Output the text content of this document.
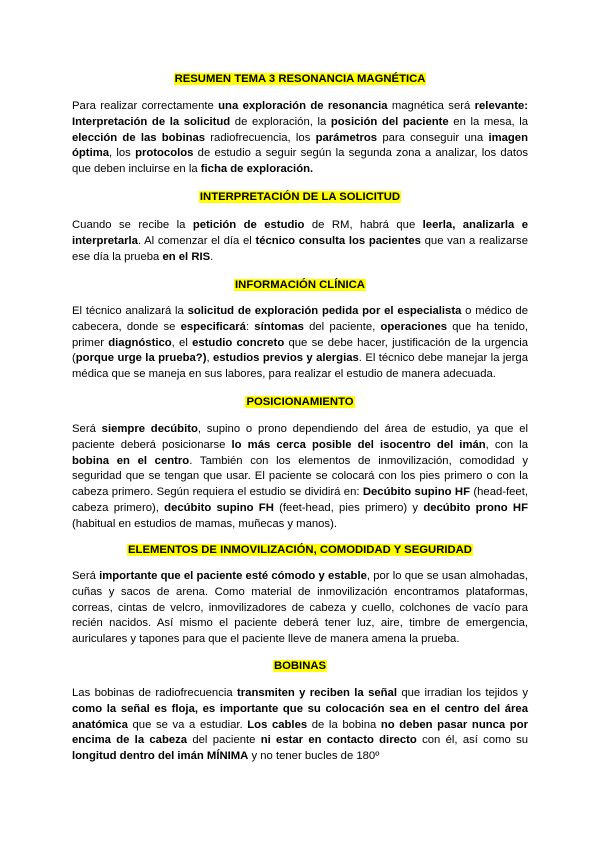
RESUMEN TEMA 3 RESONANCIA MAGNÉTICA

Para realizar correctamente una exploración de resonancia magnética será relevante: Interpretación de la solicitud de exploración, la posición del paciente en la mesa, la elección de las bobinas radiofrecuencia, los parámetros para conseguir una imagen óptima, los protocolos de estudio a seguir según la segunda zona a analizar, los datos que deben incluirse en la ficha de exploración.

INTERPRETACIÓN DE LA SOLICITUD

Cuando se recibe la petición de estudio de RM, habrá que leerla, analizarla e interpretarla. Al comenzar el día el técnico consulta los pacientes que van a realizarse ese día la prueba en el RIS.

INFORMACIÓN CLÍNICA

El técnico analizará la solicitud de exploración pedida por el especialista o médico de cabecera, donde se especificará: síntomas del paciente, operaciones que ha tenido, primer diagnóstico, el estudio concreto que se debe hacer, justificación de la urgencia (porque urge la prueba?), estudios previos y alergias. El técnico debe manejar la jerga médica que se maneja en sus labores, para realizar el estudio de manera adecuada.

POSICIONAMIENTO

Será siempre decúbito, supino o prono dependiendo del área de estudio, ya que el paciente deberá posicionarse lo más cerca posible del isocentro del imán, con la bobina en el centro. También con los elementos de inmovilización, comodidad y seguridad que se tengan que usar. El paciente se colocará con los pies primero o con la cabeza primero. Según requiera el estudio se dividirá en: Decúbito supino HF (head-feet, cabeza primero), decúbito supino FH (feet-head, pies primero) y decúbito prono HF (habitual en estudios de mamas, muñecas y manos).

ELEMENTOS DE INMOVILIZACIÓN, COMODIDAD Y SEGURIDAD

Será importante que el paciente esté cómodo y estable, por lo que se usan almohadas, cuñas y sacos de arena. Como material de inmovilización encontramos plataformas, correas, cintas de velcro, inmovilizadores de cabeza y cuello, colchones de vacío para recién nacidos. Así mismo el paciente deberá tener luz, aire, timbre de emergencia, auriculares y tapones para que el paciente lleve de manera amena la prueba.

BOBINAS

Las bobinas de radiofrecuencia transmiten y reciben la señal que irradian los tejidos y como la señal es floja, es importante que su colocación sea en el centro del área anatómica que se va a estudiar. Los cables de la bobina no deben pasar nunca por encima de la cabeza del paciente ni estar en contacto directo con él, así como su longitud dentro del imán MÍNIMA y no tener bucles de 180º
